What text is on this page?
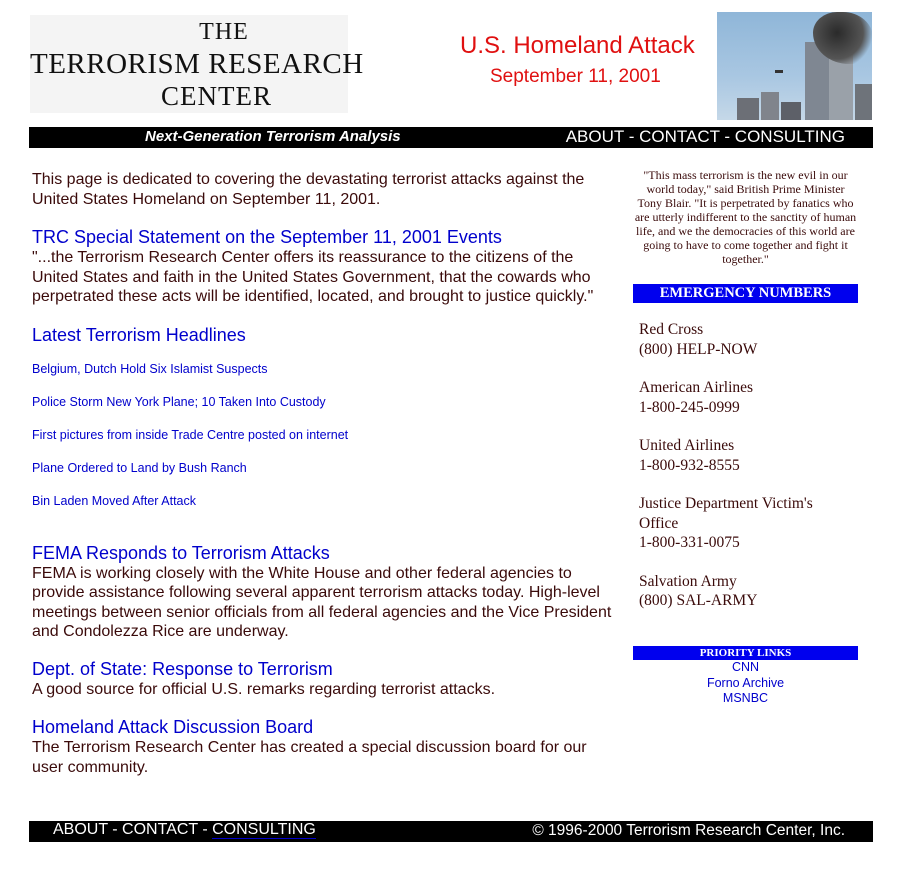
THE
TERRORISM RESEARCH
CENTER
U.S. Homeland Attack
September 11, 2001
Next-Generation Terrorism Analysis	ABOUT - CONTACT - CONSULTING

This page is dedicated to covering the devastating terrorist attacks against the United States Homeland on September 11, 2001.

TRC Special Statement on the September 11, 2001 Events

"...the Terrorism Research Center offers its reassurance to the citizens of the United States and faith in the United States Government, that the cowards who perpetrated these acts will be identified, located, and brought to justice quickly."

Latest Terrorism Headlines
Belgium, Dutch Hold Six Islamist Suspects
Police Storm New York Plane; 10 Taken Into Custody
First pictures from inside Trade Centre posted on internet
Plane Ordered to Land by Bush Ranch
Bin Laden Moved After Attack
FEMA Responds to Terrorism Attacks

FEMA is working closely with the White House and other federal agencies to provide assistance following several apparent terrorism attacks today. High-level meetings between senior officials from all federal agencies and the Vice President and Condolezza Rice are underway.

Dept. of State: Response to Terrorism

A good source for official U.S. remarks regarding terrorist attacks.

Homeland Attack Discussion Board

The Terrorism Research Center has created a special discussion board for our user community.

"This mass terrorism is the new evil in our world today," said British Prime Minister Tony Blair. "It is perpetrated by fanatics who are utterly indifferent to the sanctity of human life, and we the democracies of this world are going to have to come together and fight it together."

EMERGENCY NUMBERS
Red Cross
(800) HELP-NOW
American Airlines
1-800-245-0999
United Airlines
1-800-932-8555
Justice Department Victim's Office
1-800-331-0075
Salvation Army
(800) SAL-ARMY
PRIORITY LINKS
CNN
Forno Archive
MSNBC
ABOUT - CONTACT - CONSULTING	© 1996-2000 Terrorism Research Center, Inc.
